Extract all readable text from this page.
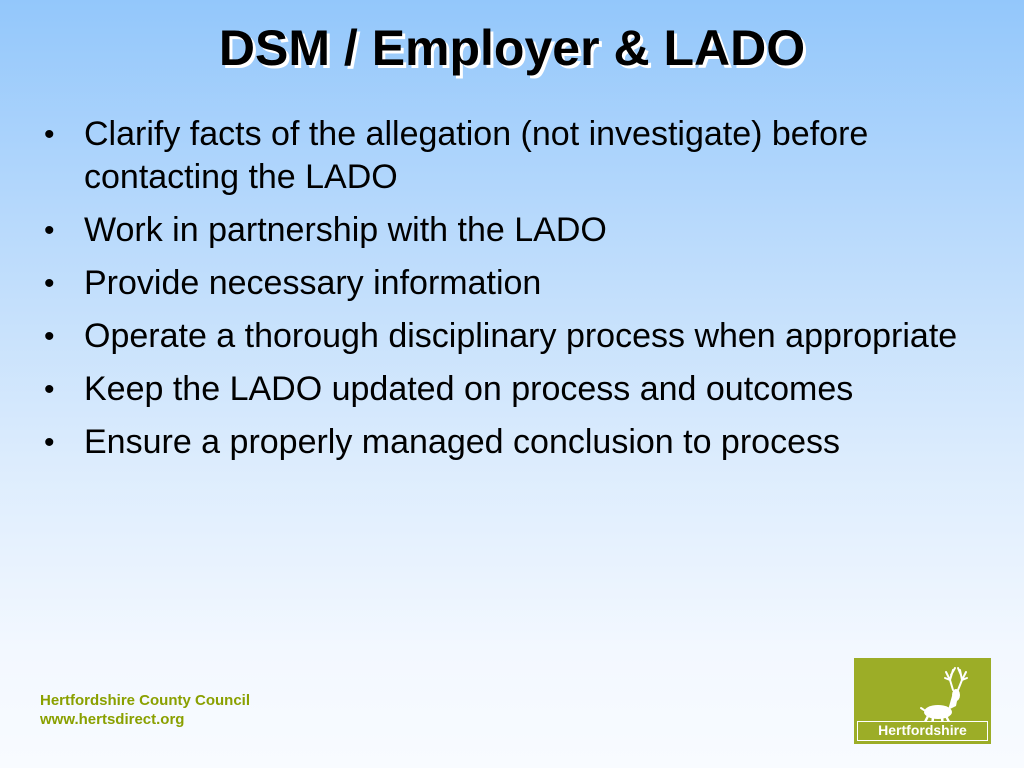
DSM / Employer & LADO
• Clarify facts of the allegation (not investigate) before contacting the LADO
• Work in partnership with the LADO
• Provide necessary information
• Operate a thorough disciplinary process when appropriate
• Keep the LADO updated on process and outcomes
• Ensure a properly managed conclusion to process
Hertfordshire County Council
www.hertsdirect.org
Hertfordshire
